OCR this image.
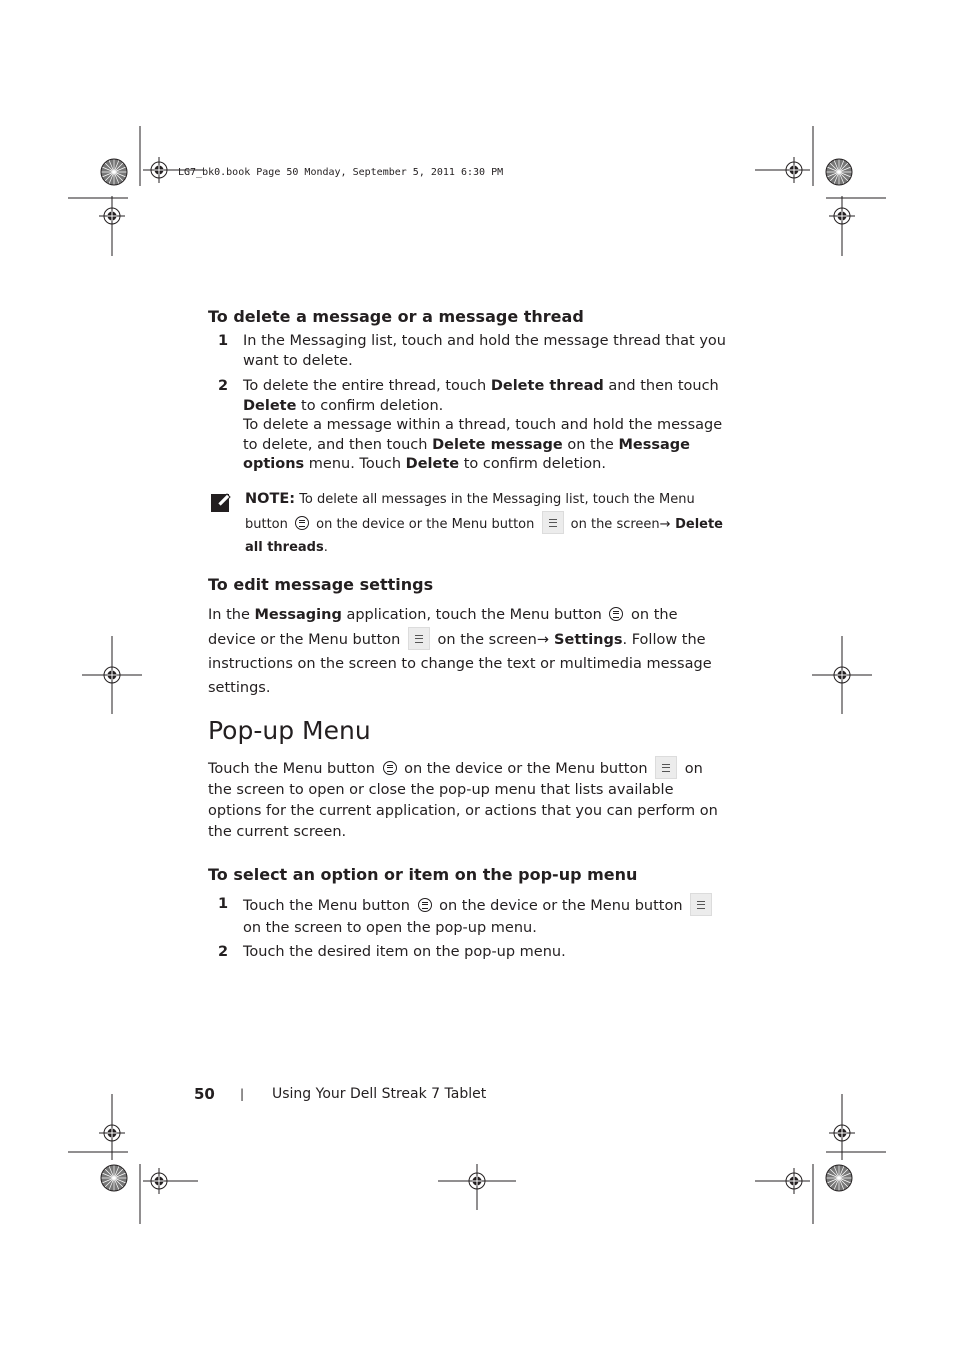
LG7_bk0.book Page 50 Monday, September 5, 2011 6:30 PM
To delete a message or a message thread
1 In the Messaging list, touch and hold the message thread that you want to delete.
2 To delete the entire thread, touch Delete thread and then touch Delete to confirm deletion.
To delete a message within a thread, touch and hold the message to delete, and then touch Delete message on the Message options menu. Touch Delete to confirm deletion.
NOTE: To delete all messages in the Messaging list, touch the Menu button  on the device or the Menu button  on the screen→ Delete all threads.
To edit message settings
In the Messaging application, touch the Menu button  on the device or the Menu button  on the screen→ Settings. Follow the instructions on the screen to change the text or multimedia message settings.
Pop-up Menu
Touch the Menu button  on the device or the Menu button  on the screen to open or close the pop-up menu that lists available options for the current application, or actions that you can perform on the current screen.
To select an option or item on the pop-up menu
1 Touch the Menu button  on the device or the Menu button  on the screen to open the pop-up menu.
2 Touch the desired item on the pop-up menu.
50 | Using Your Dell Streak 7 Tablet
